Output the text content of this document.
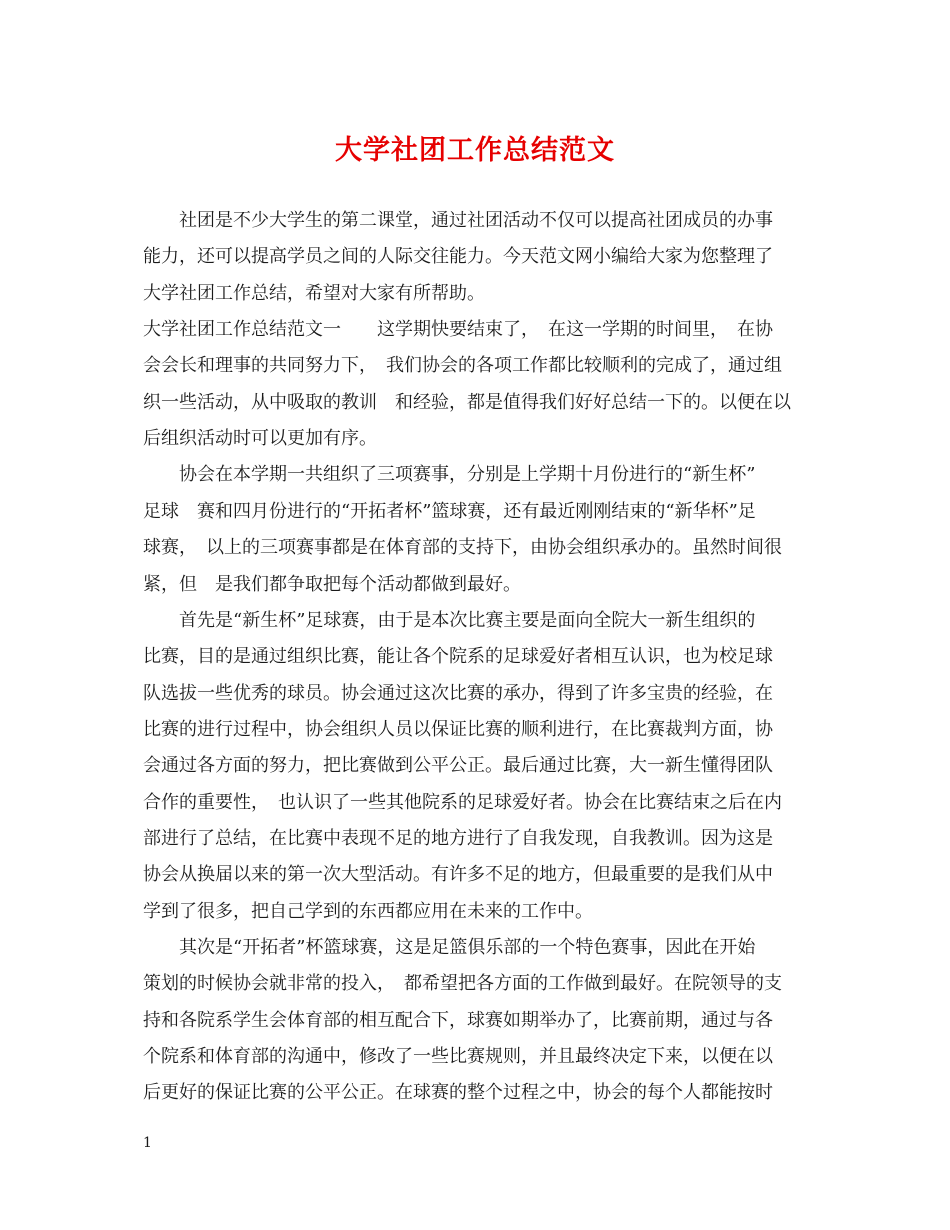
大学社团工作总结范文
　　社团是不少大学生的第二课堂，通过社团活动不仅可以提高社团成员的办事
能力，还可以提高学员之间的人际交往能力。今天范文网小编给大家为您整理了
大学社团工作总结，希望对大家有所帮助。
大学社团工作总结范文一　　这学期快要结束了，　在这一学期的时间里，　在协
会会长和理事的共同努力下，　我们协会的各项工作都比较顺利的完成了，通过组
织一些活动，从中吸取的教训　和经验，都是值得我们好好总结一下的。以便在以
后组织活动时可以更加有序。
　　协会在本学期一共组织了三项赛事，分别是上学期十月份进行的“新生杯”
足球　赛和四月份进行的“开拓者杯”篮球赛，还有最近刚刚结束的“新华杯”足
球赛，　以上的三项赛事都是在体育部的支持下，由协会组织承办的。虽然时间很
紧，但　是我们都争取把每个活动都做到最好。
　　首先是“新生杯”足球赛，由于是本次比赛主要是面向全院大一新生组织的
比赛，目的是通过组织比赛，能让各个院系的足球爱好者相互认识，也为校足球
队选拔一些优秀的球员。协会通过这次比赛的承办，得到了许多宝贵的经验，在
比赛的进行过程中，协会组织人员以保证比赛的顺利进行，在比赛裁判方面，协
会通过各方面的努力，把比赛做到公平公正。最后通过比赛，大一新生懂得团队
合作的重要性，　也认识了一些其他院系的足球爱好者。协会在比赛结束之后在内
部进行了总结，在比赛中表现不足的地方进行了自我发现，自我教训。因为这是
协会从换届以来的第一次大型活动。有许多不足的地方，但最重要的是我们从中
学到了很多，把自己学到的东西都应用在未来的工作中。
　　其次是“开拓者”杯篮球赛，这是足篮俱乐部的一个特色赛事，因此在开始
策划的时候协会就非常的投入，　都希望把各方面的工作做到最好。在院领导的支
持和各院系学生会体育部的相互配合下，球赛如期举办了，比赛前期，通过与各
个院系和体育部的沟通中，修改了一些比赛规则，并且最终决定下来，以便在以
后更好的保证比赛的公平公正。在球赛的整个过程之中，协会的每个人都能按时
1
